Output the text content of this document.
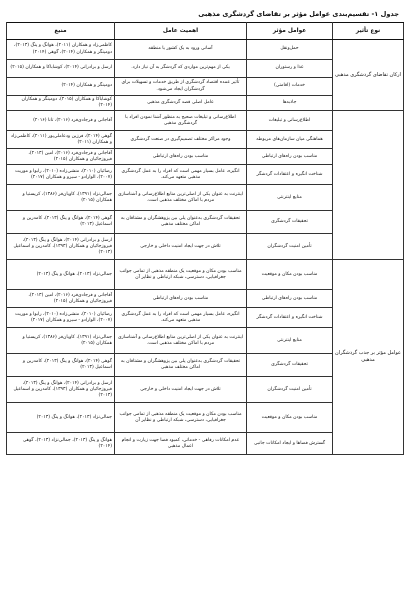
جدول ۱- تقسیم‌بندی عوامل مؤثر بر تقاضای گردشگری مذهبی
نوع تأثیر	عوامل مؤثر	اهمیت عامل	منبع
ارکان تقاضای گردشگری مذهبی	حمل‌ونقل	آسانی ورود به یک کشور یا منطقه	کاظمی‌زاد و همکاران (۲۰۱۱)، هوانگ و پنگ (۲۰۱۳)، دومینگز و همکاران (۲۰۱۴)، گوهی (۲۰۱۴)
	غذا و رستوران	یکی از مهم‌ترین مواردی که گردشگر به آن نیاز دارد.	ارسل و برادرانی (۲۰۱۴)، کوشاباکا و همکاران (۲۰۱۵)
	خدمات (اقامتی)	تأثیر عمده اقتصاد گردشگری از طریق خدمات و تسهیلات برای گردشگران ایجاد می‌شود.	دومینگز و همکاران (۲۰۱۴)
	جاذبه‌ها	عامل اصلی قصد گردشگری مذهبی	کوشاباکا و همکاران (۲۰۱۵)، دومینگز و همکاران (۲۰۱۴)
	اطلاع‌رسانی و تبلیغات	اطلاع‌رسانی و تبلیغات صحیح به منظور آشنا نمودن افراد با گردشگری مذهبی	آقاجانی و فرجادی‌فرد (۲۰۱۶)، تانا (۲۰۱۶)
	هماهنگی میان سازمان‌های مربوطه	وجود مراکز مختلف تصمیم‌گیری در صنعت گردشگری	گوهی (۲۰۱۴)، فرزین ودعاملی‌پور (۲۰۱۱)، کاظمی‌زاد و همکاران (۲۰۱۱)
	مناسب بودن راه‌های ارتباطی	مناسب بودن راه‌های ارتباطی	آقاجانی و فرجادی‌فرد (۲۰۱۶)، امین (۲۰۱۳)، فیروزجائیان و همکاران (۲۰۱۵)
	شناخت انگیزه و اعتقادات گردشگر	انگیزه، عامل بسیار مهمی است که افراد را به عمل گردشگری مذهبی متعهد می‌کند.	رضائیان (۲۰۱۰)، منشی‌زاده (۲۰۱۰)، رابوا و موریت (۲۰۰۷)، الوارادو - سیزو و همکاران (۲۰۱۷)
	منابع اینترنتی	اینترنت به عنوان یکی از اصلی‌ترین منابع اطلاع‌رسانی و آشناسازی مردم با اماکن مختلف مذهبی است.	جمالی‌نژاد (۱۳۹۱)، کاویان‌فر (۱۳۸۶)، کریستیا و همکاران (۲۰۱۵)
	تحقیقات گردشگری	تحقیقات گردشگری به‌عنوان پلی بین پژوهشگران و مشتاقان به اماکن مختلف مذهبی	گوهی (۲۰۱۴)، هوانگ و پنگ (۲۰۱۳)، کامدرین و اسماعیل (۲۰۱۳)
	تأمین امنیت گردشگران	تلاش در جهت ایجاد امنیت داخلی و خارجی	ارسل و برادرانی (۲۰۱۴)، هوانگ و پنگ (۲۰۱۳)، فیروزجائیان و همکاران (۱۳۹۳)، کامدرین و اسماعیل (۲۰۱۳)
عوامل مؤثر بر جذب گردشگران مذهبی	مناسب بودن مکان و موقعیت	مناسب بودن مکان و موقعیت یک منطقه مذهبی از تمامی جوانب جغرافیایی، دسترسی، شبکه ارتباطی و نظایر آن	جمالی‌نژاد (۲۰۱۳)، هوانگ و پنگ (۲۰۱۳)
	مناسب بودن راه‌های ارتباطی	مناسب بودن راه‌های ارتباطی	آقاجانی و فرجادی‌فرد (۲۰۱۶)، امین (۲۰۱۳)، فیروزجائیان و همکاران (۲۰۱۵)
	شناخت انگیزه و اعتقادات گردشگر	انگیزه، عامل بسیار مهمی است که افراد را به عمل گردشگری مذهبی متعهد می‌کند.	رضائیان (۲۰۱۰)، منشی‌زاده (۲۰۱۰)، رابوا و موریت (۲۰۰۷)، الوارادو - سیزو و همکاران (۲۰۱۷)
	منابع اینترنتی	اینترنت به عنوان یکی از اصلی‌ترین منابع اطلاع‌رسانی و آشناسازی مردم با اماکن مختلف مذهبی است.	جمالی‌نژاد (۱۳۹۱)، کاویان‌فر (۱۳۸۶)، کریستیا و همکاران (۲۰۱۵)
	تحقیقات گردشگری	تحقیقات گردشگری به‌عنوان پلی بین پژوهشگران و مشتاقان به اماکن مختلف مذهبی	گوهی (۲۰۱۴)، هوانگ و پنگ (۲۰۱۳)، کامدرین و اسماعیل (۲۰۱۳)
	تأمین امنیت گردشگران	تلاش در جهت ایجاد امنیت داخلی و خارجی	ارسل و برادرانی (۲۰۱۴)، هوانگ و پنگ (۲۰۱۳)، فیروزجائیان و همکاران (۱۳۹۳)، کامدرین و اسماعیل (۲۰۱۳)
	مناسب بودن مکان و موقعیت	مناسب بودن مکان و موقعیت یک منطقه مذهبی از تمامی جوانب جغرافیایی، دسترسی، شبکه ارتباطی و نظایر آن	جمالی‌نژاد (۲۰۱۳)، هوانگ و پنگ (۲۰۱۳)
	گسترش فضاها و ایجاد امکانات جانبی	عدم امکانات رفاهی - خدماتی، کمبود فضا جهت زیارت و انجام اعمال مذهبی	هوانگ و پنگ (۲۰۱۳)، جمالی‌نژاد (۲۰۱۳)، گوهی (۲۰۱۴)
